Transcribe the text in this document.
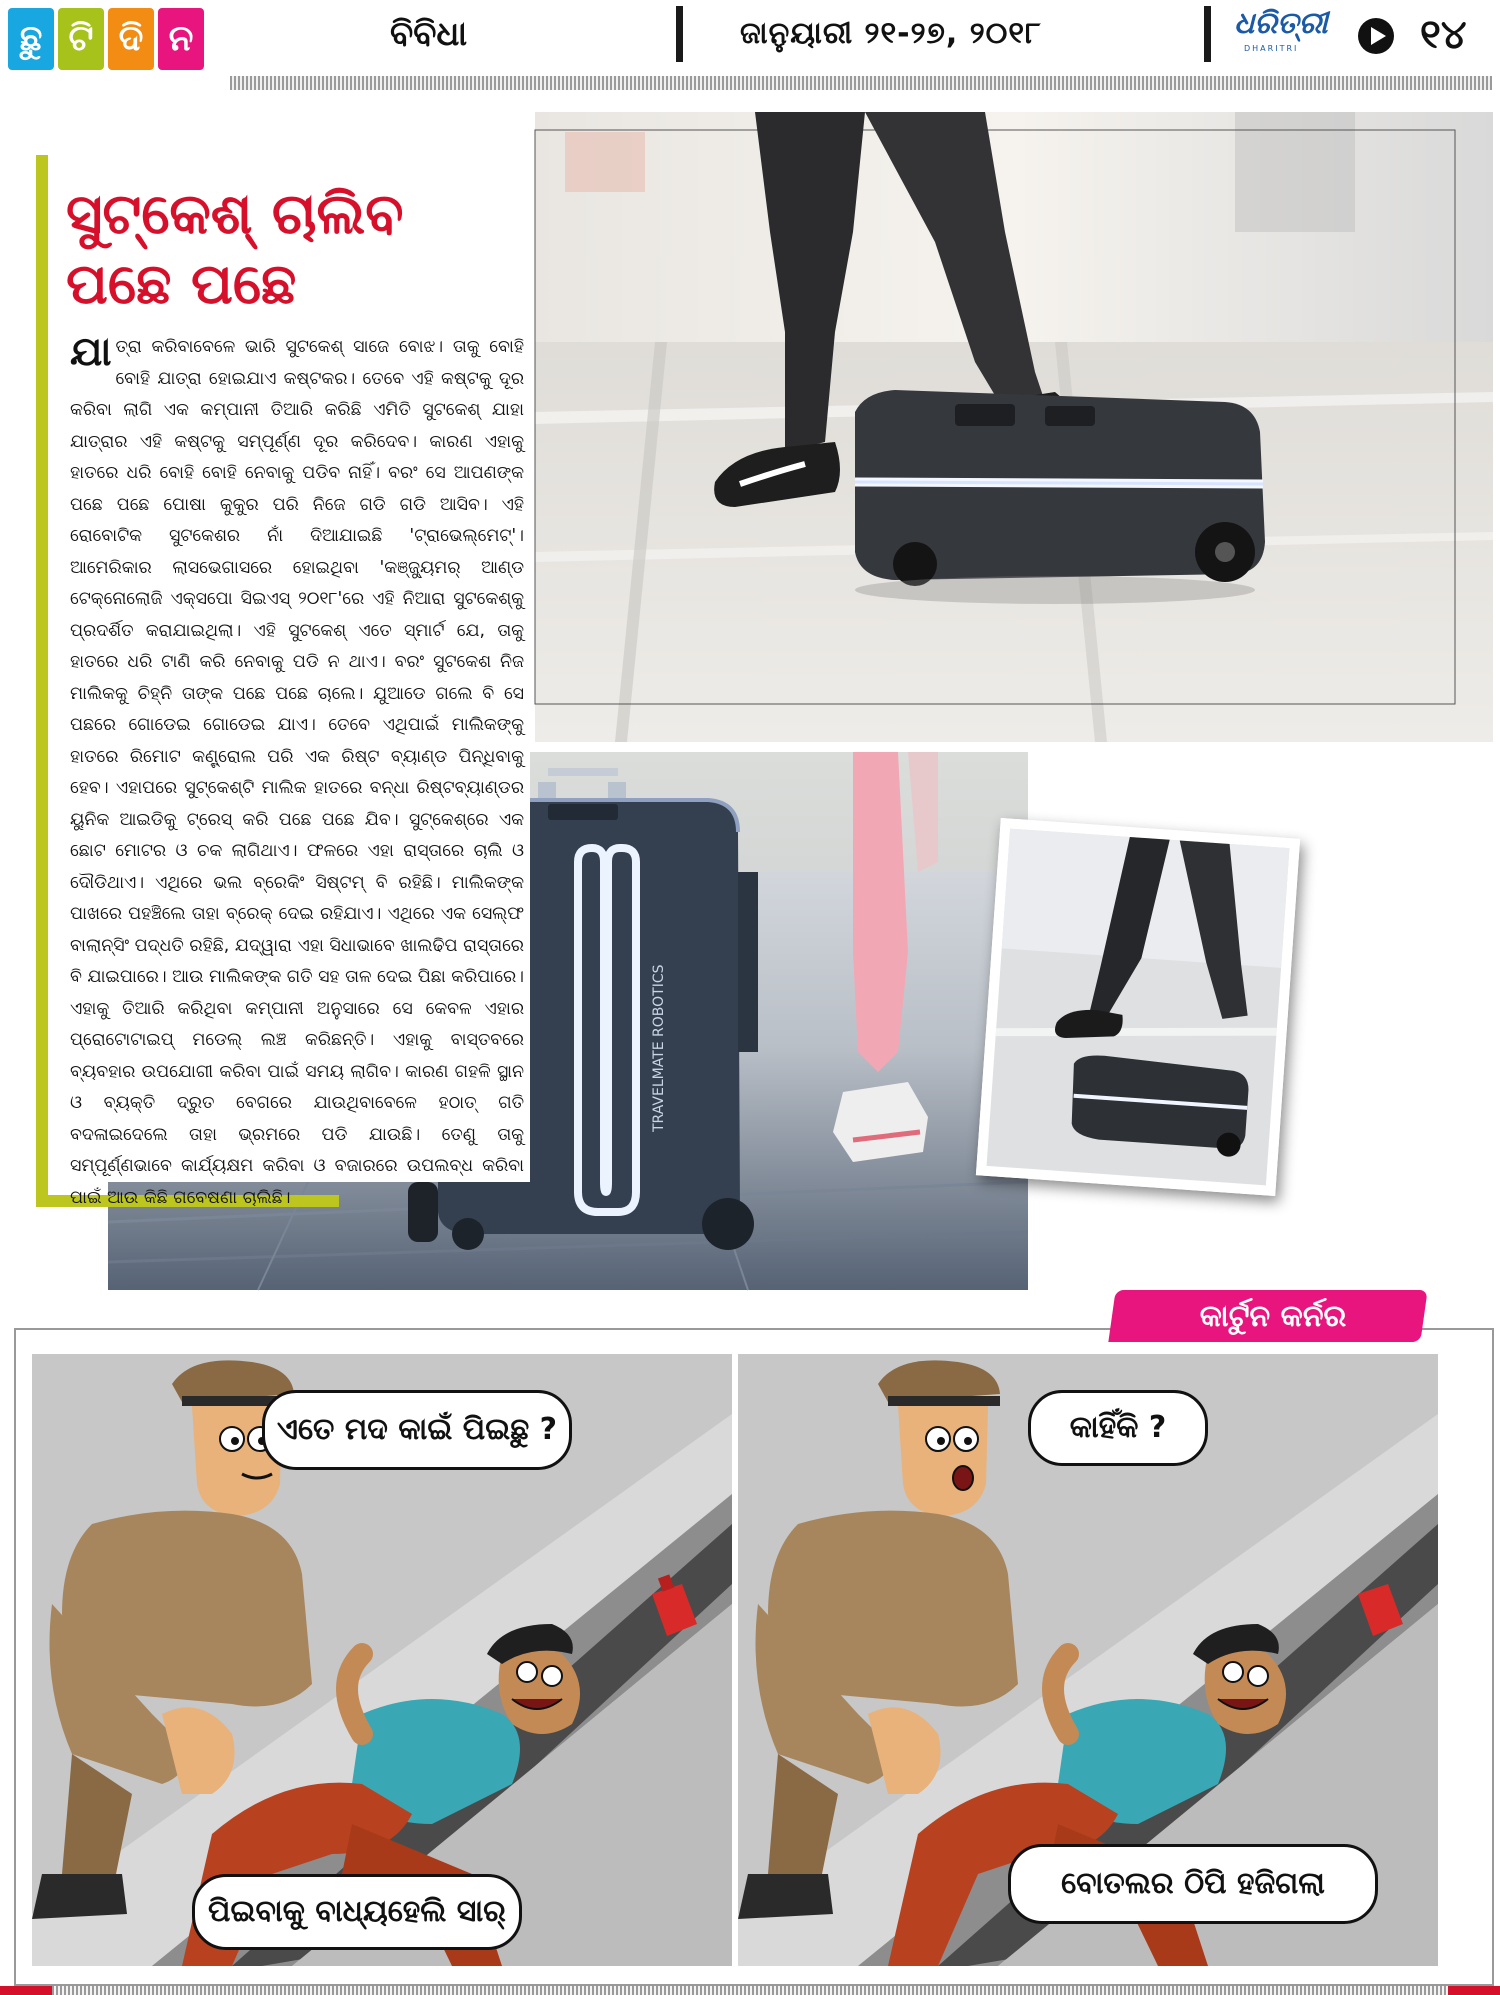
ଛୁ ଟି ଦି ନ	ବିବିଧା	ଜାନୁୟାରୀ ୨୧-୨୭, ୨୦୧୮	ଧରିତ୍ରୀ
DHARITRI	୧୪
TRAVELMATE ROBOTICS
ସୁଟ୍‌କେଶ୍ ଚାଲିବ
ପଛେ ପଛେ
ଯାତ୍ରା କରିବାବେଳେ ଭାରି ସୁଟକେଶ୍ ସାଜେ ବୋଝ। ତାକୁ ବୋହି ବୋହି ଯାତ୍ରା ହୋଇଯାଏ କଷ୍ଟକର। ତେବେ ଏହି କଷ୍ଟକୁ ଦୂର କରିବା ଲାଗି ଏକ କମ୍ପାନୀ ତିଆରି କରିଛି ଏମିତି ସୁଟକେଶ୍ ଯାହା ଯାତ୍ରାର ଏହି କଷ୍ଟକୁ ସମ୍ପୂର୍ଣ୍ଣ ଦୂର କରିଦେବ। କାରଣ ଏହାକୁ ହାତରେ ଧରି ବୋହି ବୋହି ନେବାକୁ ପଡିବ ନାହିଁ। ବରଂ ସେ ଆପଣଙ୍କ ପଛେ ପଛେ ପୋଷା କୁକୁର ପରି ନିଜେ ଗଡି ଗଡି ଆସିବ। ଏହି ରୋବୋଟିକ ସୁଟକେଶର ନାଁ ଦିଆଯାଇଛି 'ଟ୍ରାଭେଲ୍‌ମେଟ୍'। ଆମେରିକାର ଲାସଭେଗାସରେ ହୋଇଥିବା 'କଞ୍ଜ୍ୟୁମର୍ ଆଣ୍ଡ ଟେକ୍ନୋଲୋଜି ଏକ୍ସପୋ ସିଇଏସ୍ ୨୦୧୮'ରେ ଏହି ନିଆରା ସୁଟକେଶ୍‌କୁ ପ୍ରଦର୍ଶିତ କରାଯାଇଥିଲା। ଏହି ସୁଟକେଶ୍ ଏତେ ସ୍ମାର୍ଟ ଯେ, ତାକୁ ହାତରେ ଧରି ଟାଣି କରି ନେବାକୁ ପଡି ନ ଥାଏ। ବରଂ ସୁଟକେଶ ନିଜ ମାଲିକକୁ ଚିହ୍ନି ତାଙ୍କ ପଛେ ପଛେ ଚାଲେ। ଯୁଆଡେ ଗଲେ ବି ସେ ପଛରେ ଗୋଡେଇ ଗୋଡେଇ ଯାଏ। ତେବେ ଏଥିପାଇଁ ମାଲିକଙ୍କୁ ହାତରେ ରିମୋଟ କଣ୍ଟ୍ରୋଲ ପରି ଏକ ରିଷ୍ଟ ବ୍ୟାଣ୍ଡ ପିନ୍ଧିବାକୁ ହେବ। ଏହାପରେ ସୁଟ୍‌କେଶ୍‌ଟି ମାଲିକ ହାତରେ ବନ୍ଧା ରିଷ୍ଟବ୍ୟାଣ୍ଡର ୟୁନିକ ଆଇଡିକୁ ଟ୍ରେସ୍ କରି ପଛେ ପଛେ ଯିବ। ସୁଟ୍‌କେଶ୍‌ରେ ଏକ ଛୋଟ ମୋଟର ଓ ଚକ ଲାଗିଥାଏ। ଫଳରେ ଏହା ରାସ୍ତାରେ ଚାଲି ଓ ଦୌଡିଥାଏ। ଏଥିରେ ଭଲ ବ୍ରେକିଂ ସିଷ୍ଟମ୍ ବି ରହିଛି। ମାଲିକଙ୍କ ପାଖରେ ପହଞ୍ଚିଲେ ତାହା ବ୍ରେକ୍ ଦେଇ ରହିଯାଏ। ଏଥିରେ ଏକ ସେଲ୍ଫ ବାଲାନ୍ସିଂ ପଦ୍ଧତି ରହିଛି, ଯଦ୍ୱାରା ଏହା ସିଧାଭାବେ ଖାଲଢିପ ରାସ୍ତାରେ ବି ଯାଇପାରେ। ଆଉ ମାଲିକଙ୍କ ଗତି ସହ ତାଳ ଦେଇ ପିଛା କରିପାରେ। ଏହାକୁ ତିଆରି କରିଥିବା କମ୍ପାନୀ ଅନୁସାରେ ସେ କେବଳ ଏହାର ପ୍ରୋଟୋଟାଇପ୍ ମଡେଲ୍ ଲଞ୍ଚ କରିଛନ୍ତି। ଏହାକୁ ବାସ୍ତବରେ ବ୍ୟବହାର ଉପଯୋଗୀ କରିବା ପାଇଁ ସମୟ ଲାଗିବ। କାରଣ ଗହଳି ସ୍ଥାନ ଓ ବ୍ୟକ୍ତି ଦ୍ରୁତ ବେଗରେ ଯାଉଥିବାବେଳେ ହଠାତ୍ ଗତି ବଦଳାଇଦେଲେ ତାହା ଭ୍ରମରେ ପଡି ଯାଉଛି। ତେଣୁ ତାକୁ ସମ୍ପୂର୍ଣ୍ଣଭାବେ କାର୍ଯ୍ୟକ୍ଷମ କରିବା ଓ ବଜାରରେ ଉପଲବ୍ଧ କରିବା ପାଇଁ ଆଉ କିଛି ଗବେଷଣା ଚାଲିଛି।
କାର୍ଟୁନ କର୍ନର
ଏତେ ମଦ କାଇଁ ପିଇଛୁ ?
ପିଇବାକୁ ବାଧ୍ୟହେଲି ସାର୍
କାହିଁକି ?
ବୋତଲର ଠିପି ହଜିଗଲା
